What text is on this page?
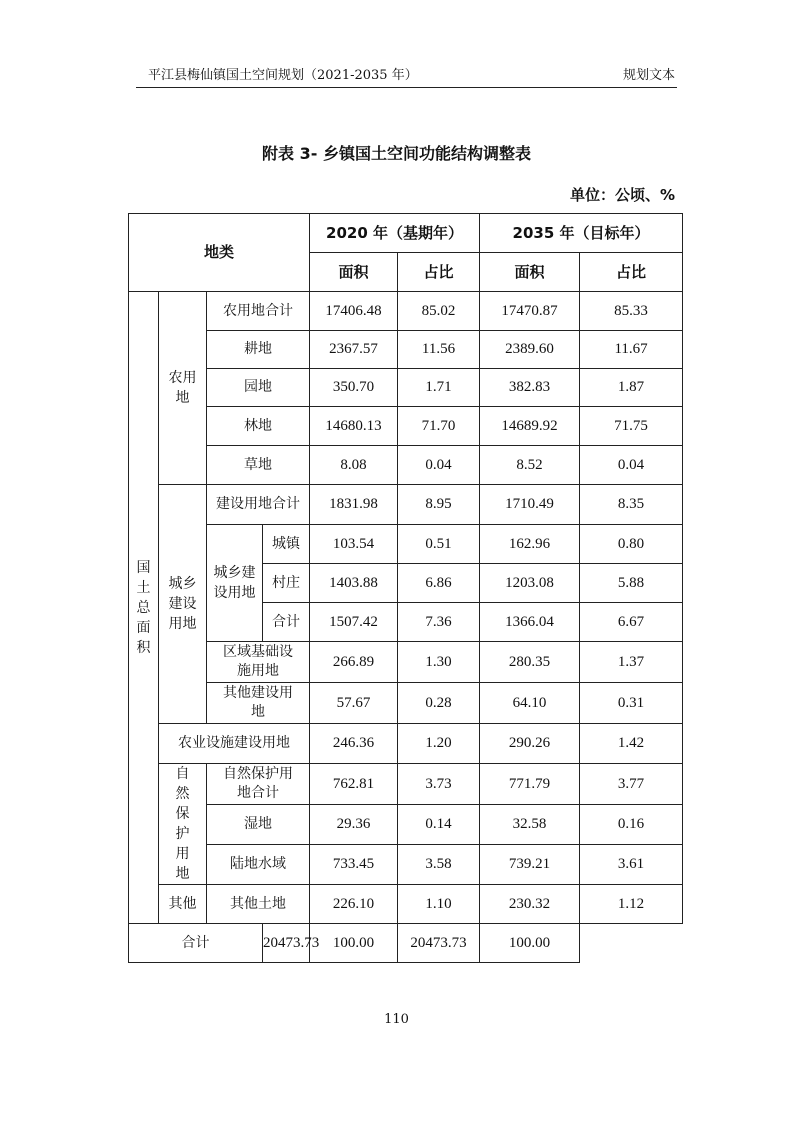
平江县梅仙镇国土空间规划（2021-2035 年）	规划文本
附表 3- 乡镇国土空间功能结构调整表
单位：公顷、%
地类				2020 年（基期年）		2035 年（目标年）	
				面积	占比	面积	占比
国土总面积	农用地	农用地合计		17406.48	85.02	17470.87	85.33
		耕地		2367.57	11.56	2389.60	11.67
		园地		350.70	1.71	382.83	1.87
		林地		14680.13	71.70	14689.92	71.75
		草地		8.08	0.04	8.52	0.04
	城乡建设用地	建设用地合计		1831.98	8.95	1710.49	8.35
		城乡建设用地	城镇	103.54	0.51	162.96	0.80
			村庄	1403.88	6.86	1203.08	5.88
			合计	1507.42	7.36	1366.04	6.67
		区域基础设施用地		266.89	1.30	280.35	1.37
		其他建设用地		57.67	0.28	64.10	0.31
	农业设施建设用地			246.36	1.20	290.26	1.42
	自然保护用地	自然保护用地合计		762.81	3.73	771.79	3.77
		湿地		29.36	0.14	32.58	0.16
		陆地水域		733.45	3.58	739.21	3.61
	其他	其他土地		226.10	1.10	230.32	1.12
合计			20473.73	100.00	20473.73	100.00	
110
